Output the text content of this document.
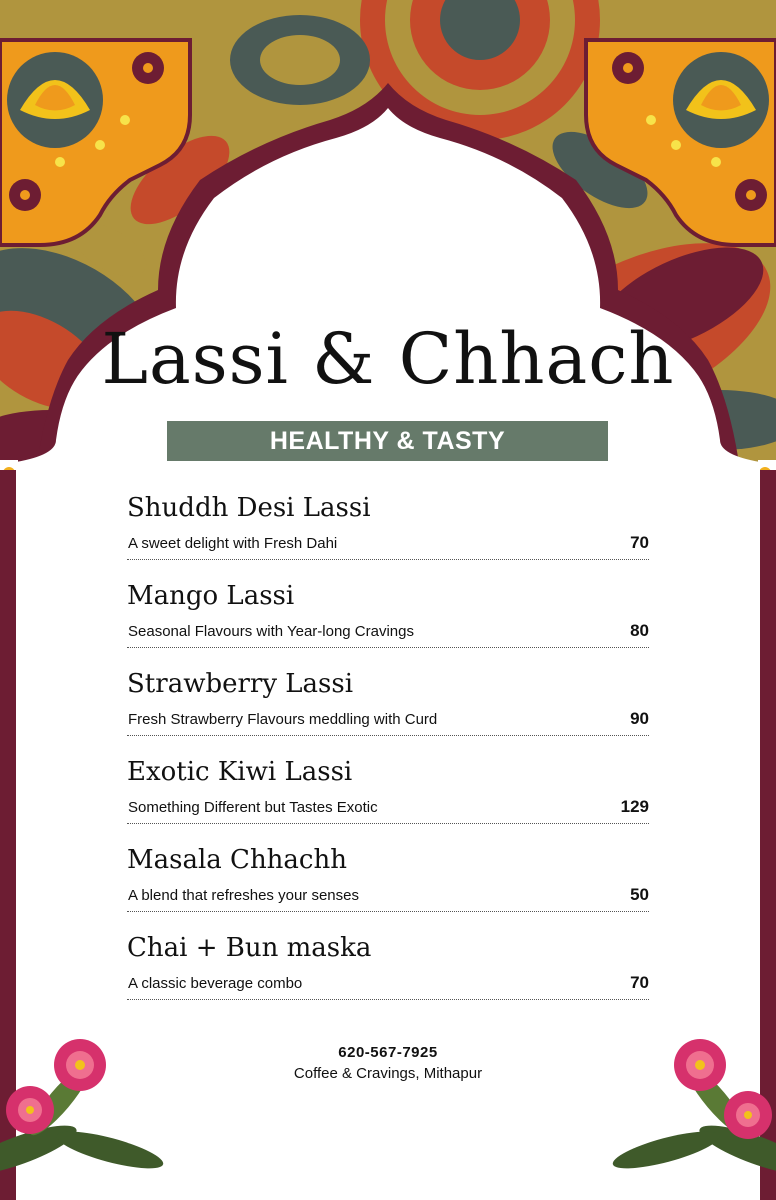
Lassi & Chhach
HEALTHY & TASTY
Shuddh Desi Lassi
A sweet delight with Fresh Dahi	70
Mango Lassi
Seasonal Flavours with Year-long Cravings	80
Strawberry Lassi
Fresh Strawberry Flavours meddling with Curd	90
Exotic Kiwi Lassi
Something Different but Tastes Exotic	129
Masala Chhachh
A blend that refreshes your senses	50
Chai + Bun maska
A classic beverage combo	70
620-567-7925
Coffee & Cravings, Mithapur
